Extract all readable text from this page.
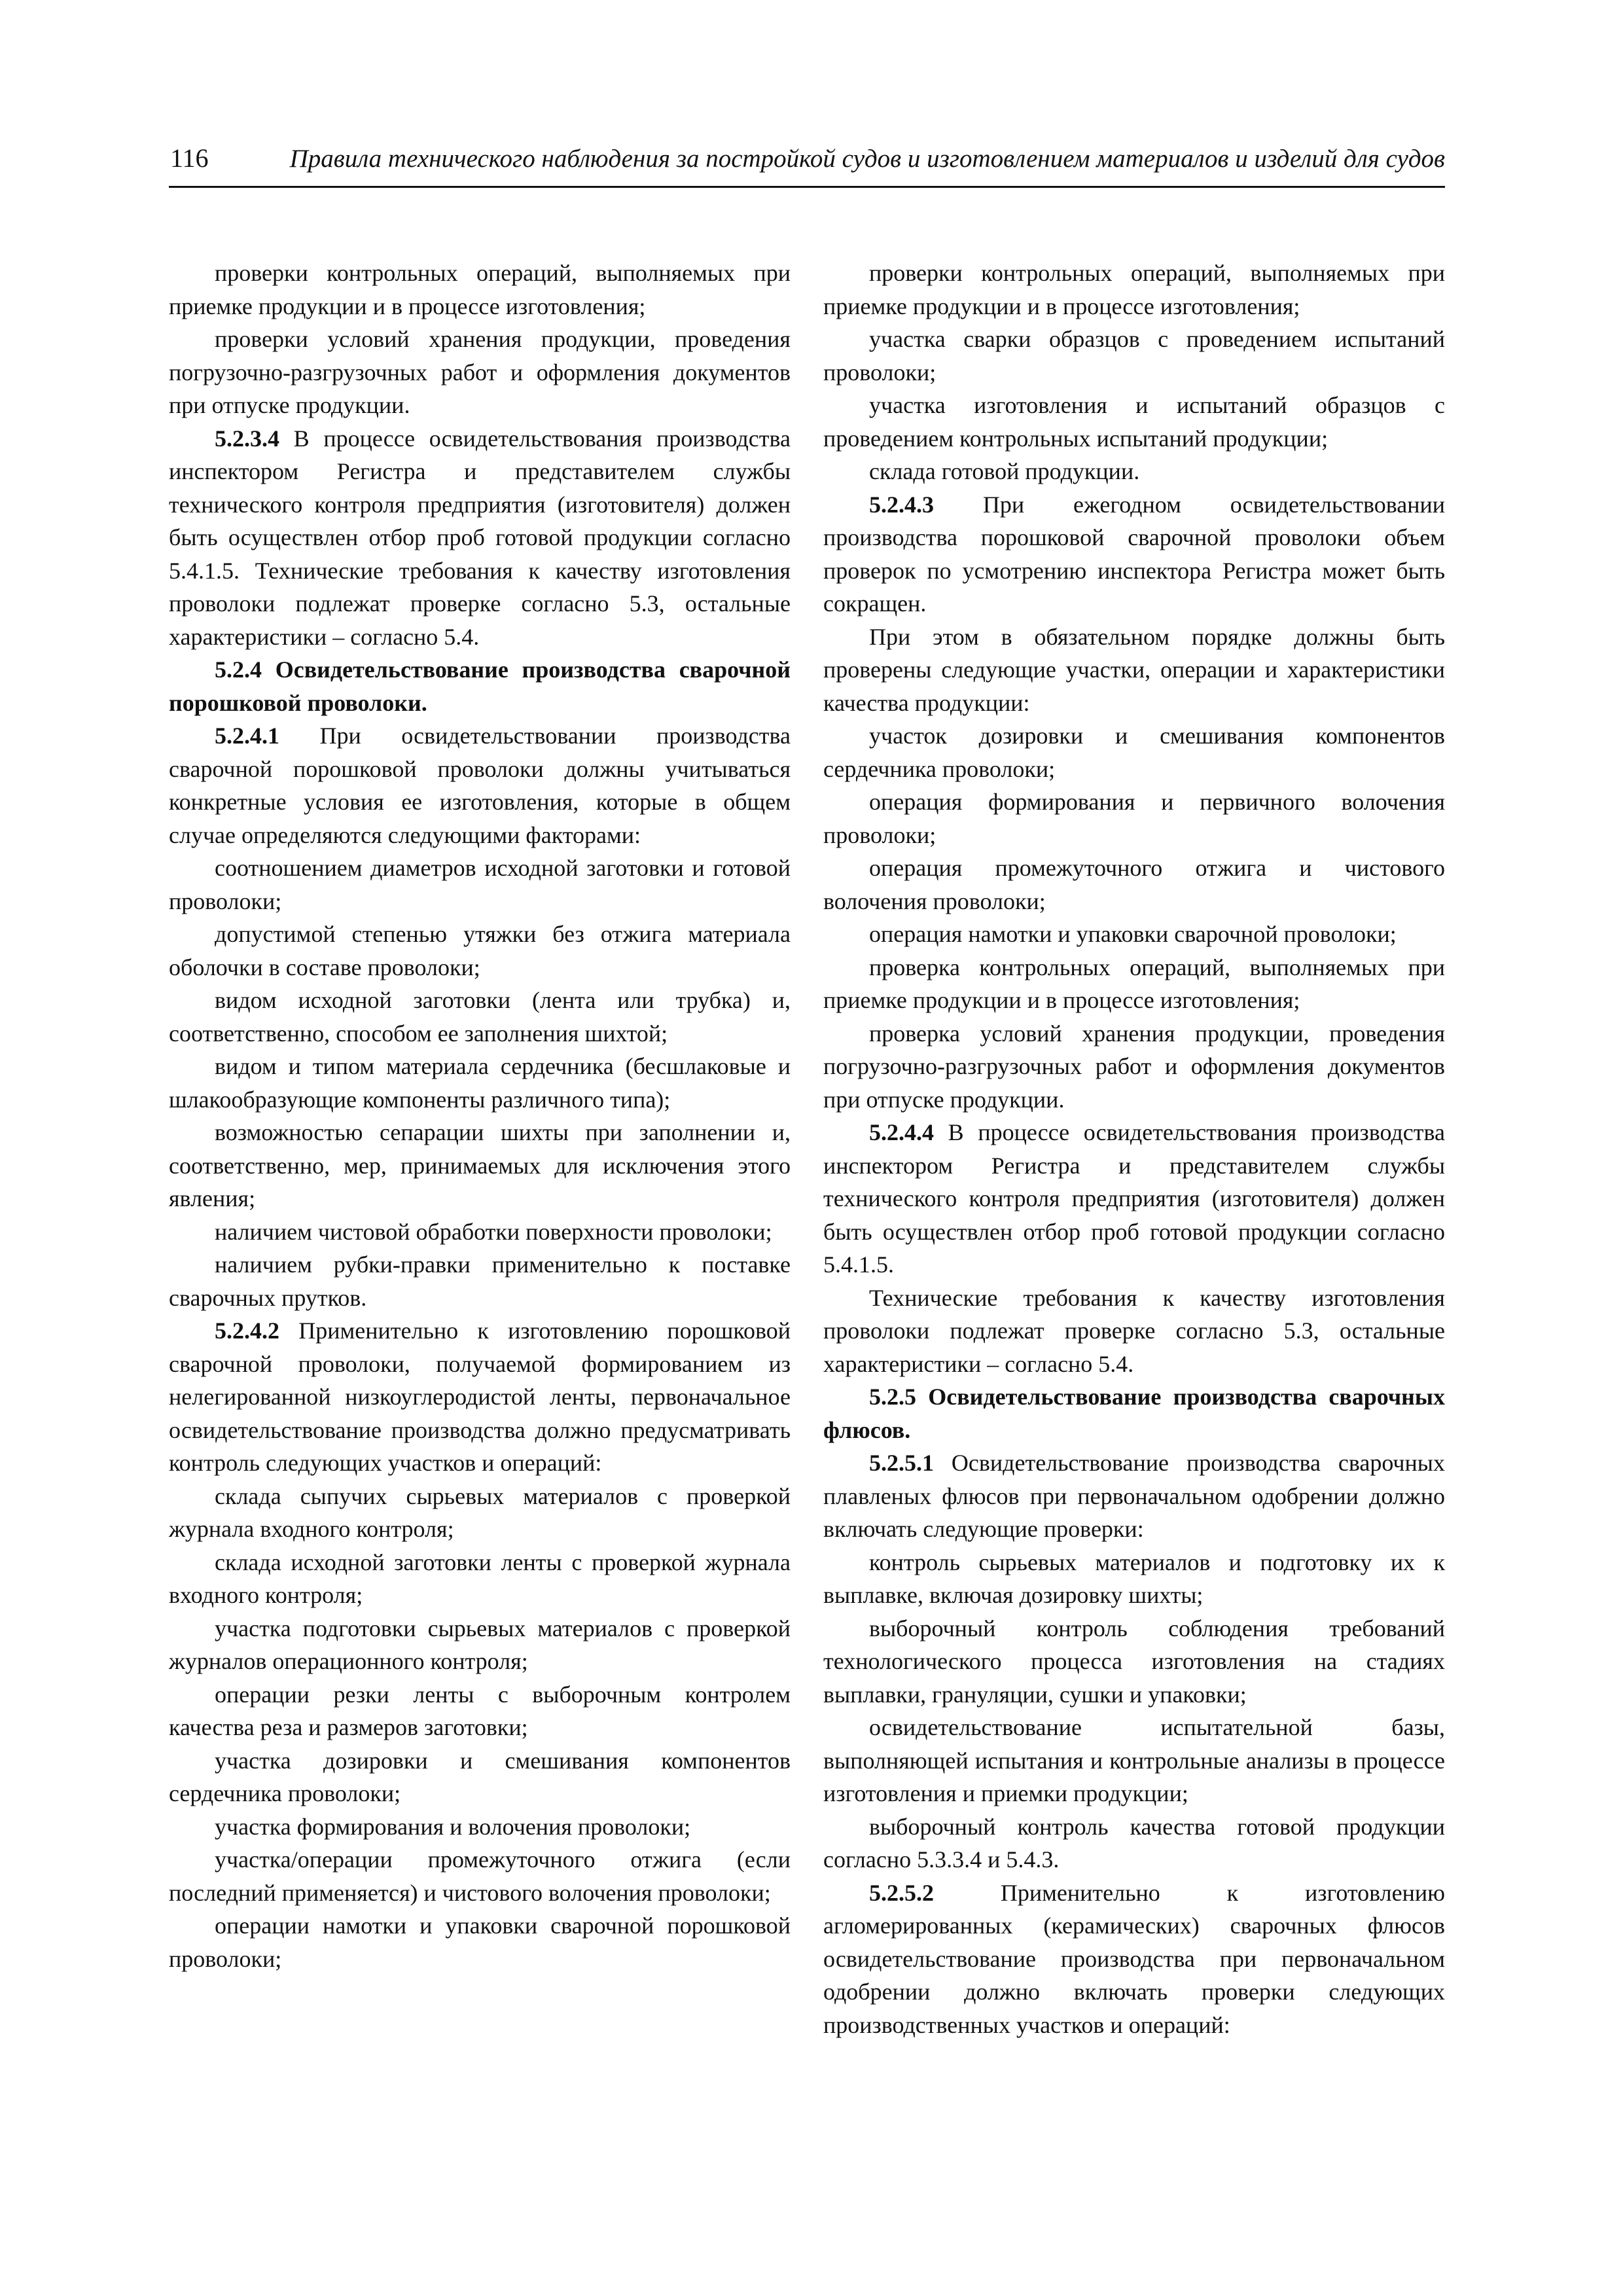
116	Правила технического наблюдения за постройкой судов и изготовлением материалов и изделий для судов

проверки контрольных операций, выполняемых при приемке продукции и в процессе изготовления;

проверки условий хранения продукции, проведения погрузочно-разгрузочных работ и оформления документов при отпуске продукции.

5.2.3.4 В процессе освидетельствования производства инспектором Регистра и представителем службы технического контроля предприятия (изготовителя) должен быть осуществлен отбор проб готовой продукции согласно 5.4.1.5. Технические требования к качеству изготовления проволоки подлежат проверке согласно 5.3, остальные характеристики – согласно 5.4.

5.2.4 Освидетельствование производства сварочной порошковой проволоки.

5.2.4.1 При освидетельствовании производства сварочной порошковой проволоки должны учитываться конкретные условия ее изготовления, которые в общем случае определяются следующими факторами:

соотношением диаметров исходной заготовки и готовой проволоки;

допустимой степенью утяжки без отжига материала оболочки в составе проволоки;

видом исходной заготовки (лента или трубка) и, соответственно, способом ее заполнения шихтой;

видом и типом материала сердечника (бесшлаковые и шлакообразующие компоненты различного типа);

возможностью сепарации шихты при заполнении и, соответственно, мер, принимаемых для исключения этого явления;

наличием чистовой обработки поверхности проволоки;

наличием рубки-правки применительно к поставке сварочных прутков.

5.2.4.2 Применительно к изготовлению порошковой сварочной проволоки, получаемой формированием из нелегированной низкоуглеродистой ленты, первоначальное освидетельствование производства должно предусматривать контроль следующих участков и операций:

склада сыпучих сырьевых материалов с проверкой журнала входного контроля;

склада исходной заготовки ленты с проверкой журнала входного контроля;

участка подготовки сырьевых материалов с проверкой журналов операционного контроля;

операции резки ленты с выборочным контролем качества реза и размеров заготовки;

участка дозировки и смешивания компонентов сердечника проволоки;

участка формирования и волочения проволоки;

участка/операции промежуточного отжига (если последний применяется) и чистового волочения проволоки;

операции намотки и упаковки сварочной порошковой проволоки;

проверки контрольных операций, выполняемых при приемке продукции и в процессе изготовления;

участка сварки образцов с проведением испытаний проволоки;

участка изготовления и испытаний образцов с проведением контрольных испытаний продукции;

склада готовой продукции.

5.2.4.3 При ежегодном освидетельствовании производства порошковой сварочной проволоки объем проверок по усмотрению инспектора Регистра может быть сокращен.

При этом в обязательном порядке должны быть проверены следующие участки, операции и характеристики качества продукции:

участок дозировки и смешивания компонентов сердечника проволоки;

операция формирования и первичного волочения проволоки;

операция промежуточного отжига и чистового волочения проволоки;

операция намотки и упаковки сварочной проволоки;

проверка контрольных операций, выполняемых при приемке продукции и в процессе изготовления;

проверка условий хранения продукции, проведения погрузочно-разгрузочных работ и оформления документов при отпуске продукции.

5.2.4.4 В процессе освидетельствования производства инспектором Регистра и представителем службы технического контроля предприятия (изготовителя) должен быть осуществлен отбор проб готовой продукции согласно 5.4.1.5.

Технические требования к качеству изготовления проволоки подлежат проверке согласно 5.3, остальные характеристики – согласно 5.4.

5.2.5 Освидетельствование производства сварочных флюсов.

5.2.5.1 Освидетельствование производства сварочных плавленых флюсов при первоначальном одобрении должно включать следующие проверки:

контроль сырьевых материалов и подготовку их к выплавке, включая дозировку шихты;

выборочный контроль соблюдения требований технологического процесса изготовления на стадиях выплавки, грануляции, сушки и упаковки;

освидетельствование испытательной базы, выполняющей испытания и контрольные анализы в процессе изготовления и приемки продукции;

выборочный контроль качества готовой продукции согласно 5.3.3.4 и 5.4.3.

5.2.5.2 Применительно к изготовлению агломерированных (керамических) сварочных флюсов освидетельствование производства при первоначальном одобрении должно включать проверки следующих производственных участков и операций:
